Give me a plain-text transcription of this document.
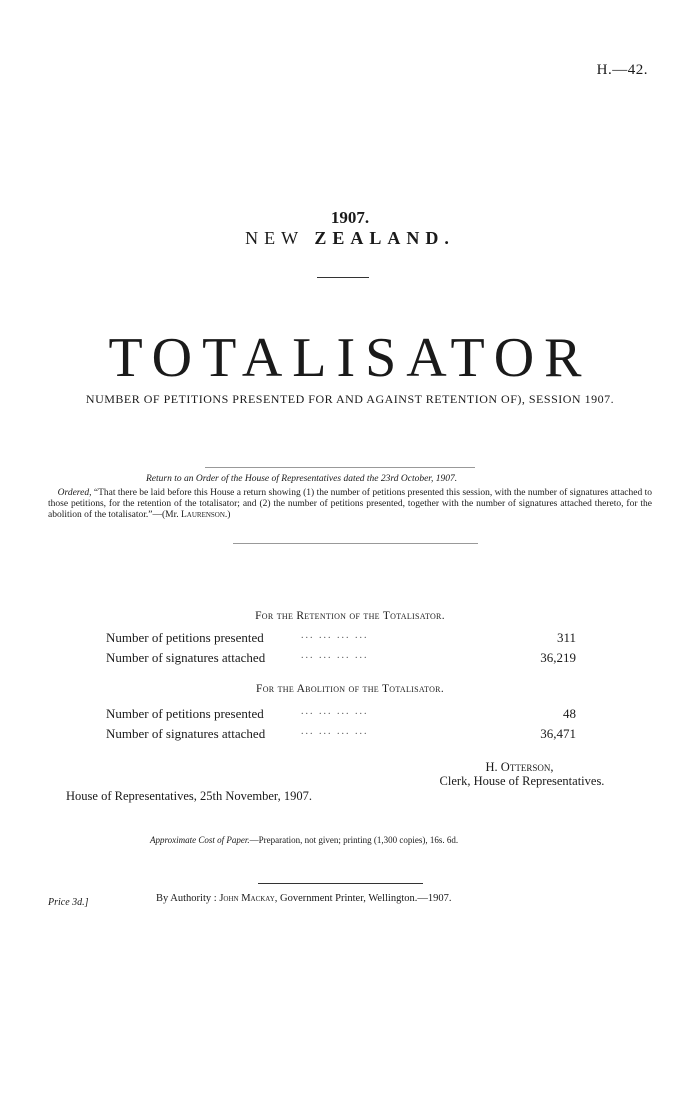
H.—42.
1907.
NEW ZEALAND.
TOTALISATOR
NUMBER OF PETITIONS PRESENTED FOR AND AGAINST RETENTION OF), SESSION 1907.
Return to an Order of the House of Representatives dated the 23rd October, 1907.
Ordered, “That there be laid before this House a return showing (1) the number of petitions presented this session, with the number of signatures attached to those petitions, for the retention of the totalisator; and (2) the number of petitions presented, together with the number of signatures attached thereto, for the abolition of the totalisator.”—(Mr. Laurenson.)
For the Retention of the Totalisator.
Number of petitions presented	... ... ... ...	311
Number of signatures attached	... ... ... ...	36,219
For the Abolition of the Totalisator.
Number of petitions presented	... ... ... ...	48
Number of signatures attached	... ... ... ...	36,471
H. Otterson,
Clerk, House of Representatives.
House of Representatives, 25th November, 1907.
Approximate Cost of Paper.—Preparation, not given; printing (1,300 copies), 16s. 6d.
By Authority : John Mackay, Government Printer, Wellington.—1907.
Price 3d.]
